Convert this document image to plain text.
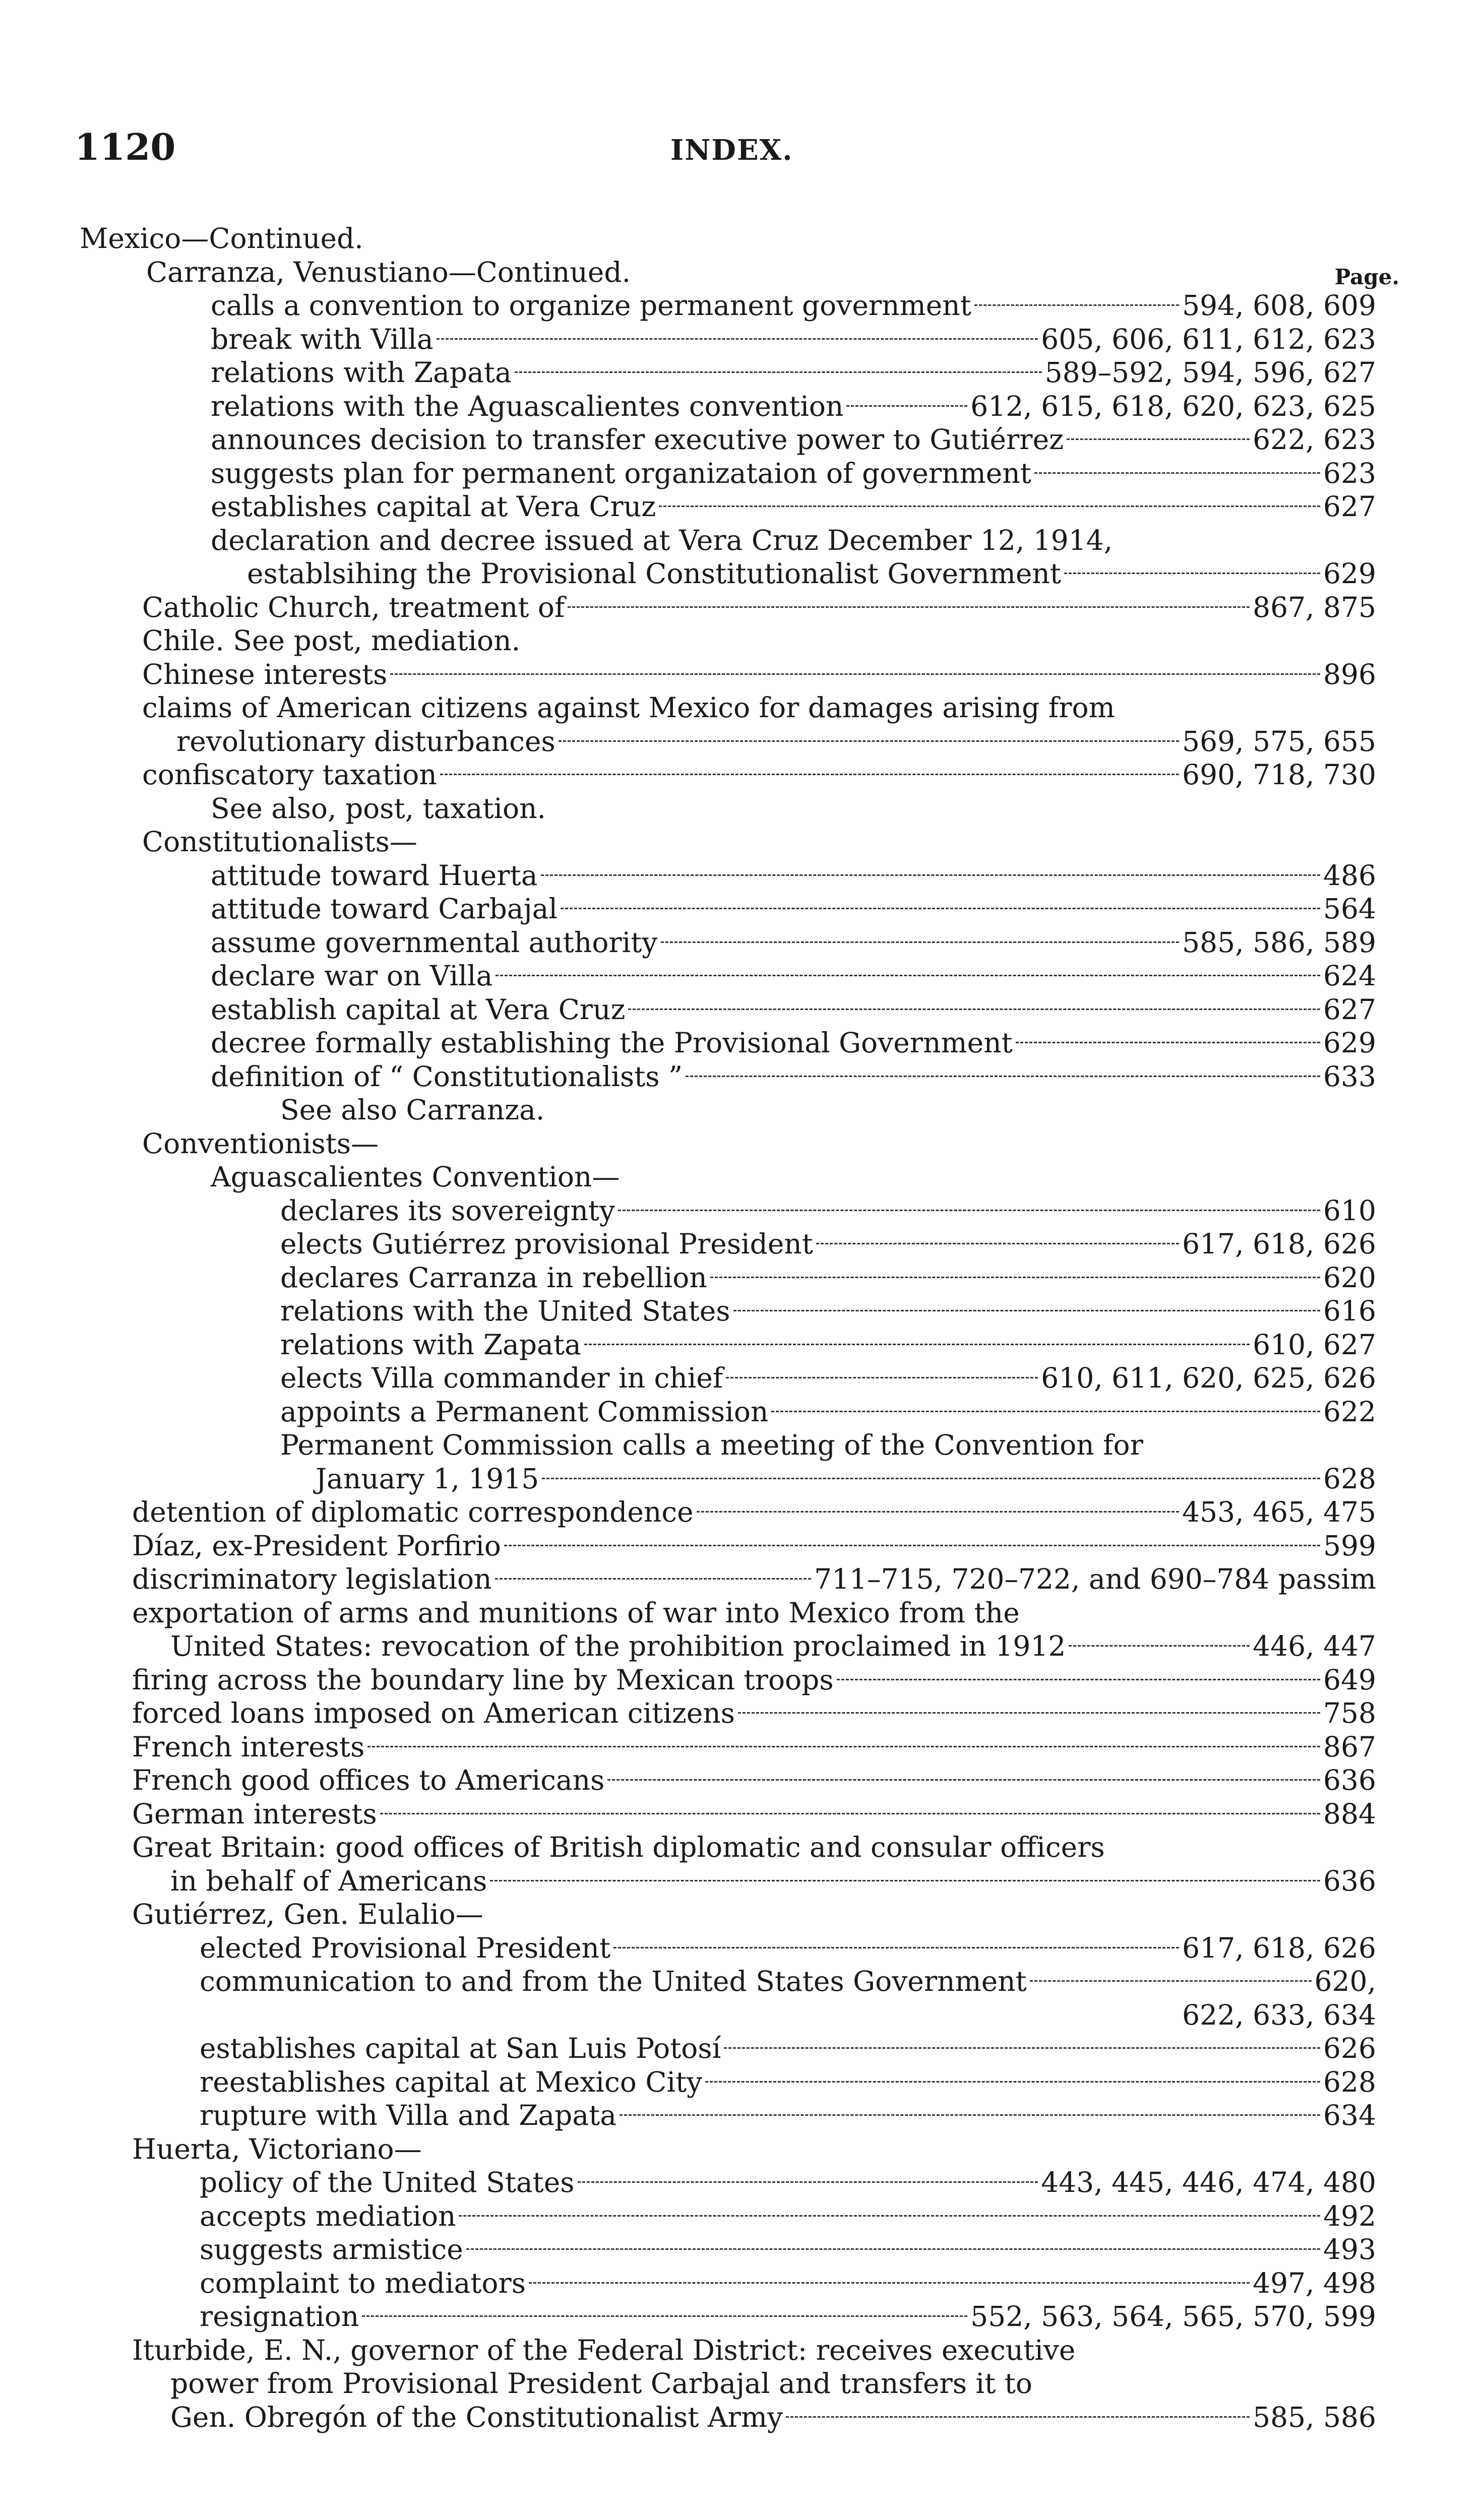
1120	INDEX.
Mexico—Continued.
Carranza, Venustiano—Continued.	Page.
calls a convention to organize permanent government	594, 608, 609
break with Villa	605, 606, 611, 612, 623
relations with Zapata	589–592, 594, 596, 627
relations with the Aguascalientes convention	612, 615, 618, 620, 623, 625
announces decision to transfer executive power to Gutiérrez	622, 623
suggests plan for permanent organizataion of government	623
establishes capital at Vera Cruz	627
declaration and decree issued at Vera Cruz December 12, 1914,
establsihing the Provisional Constitutionalist Government	629
Catholic Church, treatment of	867, 875
Chile. See post, mediation.
Chinese interests	896
claims of American citizens against Mexico for damages arising from
revolutionary disturbances	569, 575, 655
confiscatory taxation	690, 718, 730
See also, post, taxation.
Constitutionalists—
attitude toward Huerta	486
attitude toward Carbajal	564
assume governmental authority	585, 586, 589
declare war on Villa	624
establish capital at Vera Cruz	627
decree formally establishing the Provisional Government	629
definition of “ Constitutionalists ”	633
See also Carranza.
Conventionists—
Aguascalientes Convention—
declares its sovereignty	610
elects Gutiérrez provisional President	617, 618, 626
declares Carranza in rebellion	620
relations with the United States	616
relations with Zapata	610, 627
elects Villa commander in chief	610, 611, 620, 625, 626
appoints a Permanent Commission	622
Permanent Commission calls a meeting of the Convention for
January 1, 1915	628
detention of diplomatic correspondence	453, 465, 475
Díaz, ex-President Porfirio	599
discriminatory legislation	711–715, 720–722, and 690–784 passim
exportation of arms and munitions of war into Mexico from the
United States: revocation of the prohibition proclaimed in 1912	446, 447
firing across the boundary line by Mexican troops	649
forced loans imposed on American citizens	758
French interests	867
French good offices to Americans	636
German interests	884
Great Britain: good offices of British diplomatic and consular officers
in behalf of Americans	636
Gutiérrez, Gen. Eulalio—
elected Provisional President	617, 618, 626
communication to and from the United States Government	620,
622, 633, 634
establishes capital at San Luis Potosí	626
reestablishes capital at Mexico City	628
rupture with Villa and Zapata	634
Huerta, Victoriano—
policy of the United States	443, 445, 446, 474, 480
accepts mediation	492
suggests armistice	493
complaint to mediators	497, 498
resignation	552, 563, 564, 565, 570, 599
Iturbide, E. N., governor of the Federal District: receives executive
power from Provisional President Carbajal and transfers it to
Gen. Obregón of the Constitutionalist Army	585, 586
